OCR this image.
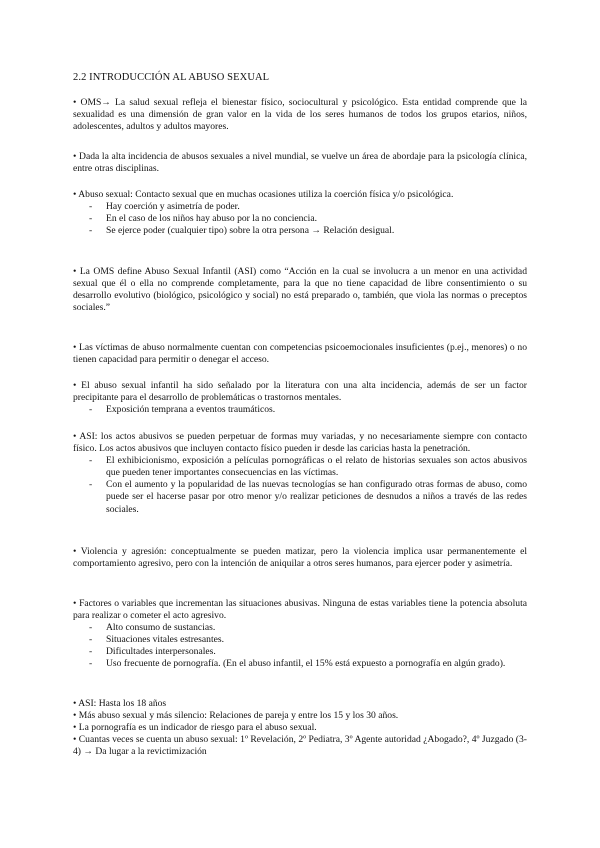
2.2 INTRODUCCIÓN AL ABUSO SEXUAL
• OMS→ La salud sexual refleja el bienestar físico, sociocultural y psicológico. Esta entidad comprende que la sexualidad es una dimensión de gran valor en la vida de los seres humanos de todos los grupos etarios, niños, adolescentes, adultos y adultos mayores.
• Dada la alta incidencia de abusos sexuales a nivel mundial, se vuelve un área de abordaje para la psicología clínica, entre otras disciplinas.
• Abuso sexual: Contacto sexual que en muchas ocasiones utiliza la coerción física y/o psicológica.
- Hay coerción y asimetría de poder.
- En el caso de los niños hay abuso por la no conciencia.
- Se ejerce poder (cualquier tipo) sobre la otra persona → Relación desigual.
• La OMS define Abuso Sexual Infantil (ASI) como “Acción en la cual se involucra a un menor en una actividad sexual que él o ella no comprende completamente, para la que no tiene capacidad de libre consentimiento o su desarrollo evolutivo (biológico, psicológico y social) no está preparado o, también, que viola las normas o preceptos sociales.”
• Las víctimas de abuso normalmente cuentan con competencias psicoemocionales insuficientes (p.ej., menores) o no tienen capacidad para permitir o denegar el acceso.
• El abuso sexual infantil ha sido señalado por la literatura con una alta incidencia, además de ser un factor precipitante para el desarrollo de problemáticas o trastornos mentales.
- Exposición temprana a eventos traumáticos.
• ASI: los actos abusivos se pueden perpetuar de formas muy variadas, y no necesariamente siempre con contacto físico. Los actos abusivos que incluyen contacto físico pueden ir desde las caricias hasta la penetración.
- El exhibicionismo, exposición a películas pornográficas o el relato de historias sexuales son actos abusivos que pueden tener importantes consecuencias en las víctimas.
- Con el aumento y la popularidad de las nuevas tecnologías se han configurado otras formas de abuso, como puede ser el hacerse pasar por otro menor y/o realizar peticiones de desnudos a niños a través de las redes sociales.
• Violencia y agresión: conceptualmente se pueden matizar, pero la violencia implica usar permanentemente el comportamiento agresivo, pero con la intención de aniquilar a otros seres humanos, para ejercer poder y asimetría.
• Factores o variables que incrementan las situaciones abusivas. Ninguna de estas variables tiene la potencia absoluta para realizar o cometer el acto agresivo.
- Alto consumo de sustancias.
- Situaciones vitales estresantes.
- Dificultades interpersonales.
- Uso frecuente de pornografía. (En el abuso infantil, el 15% está expuesto a pornografía en algún grado).
• ASI: Hasta los 18 años
• Más abuso sexual y más silencio: Relaciones de pareja y entre los 15 y los 30 años.
• La pornografía es un indicador de riesgo para el abuso sexual.
• Cuantas veces se cuenta un abuso sexual: 1º Revelación, 2º Pediatra, 3º Agente autoridad ¿Abogado?, 4º Juzgado (3-4) → Da lugar a la revictimización
